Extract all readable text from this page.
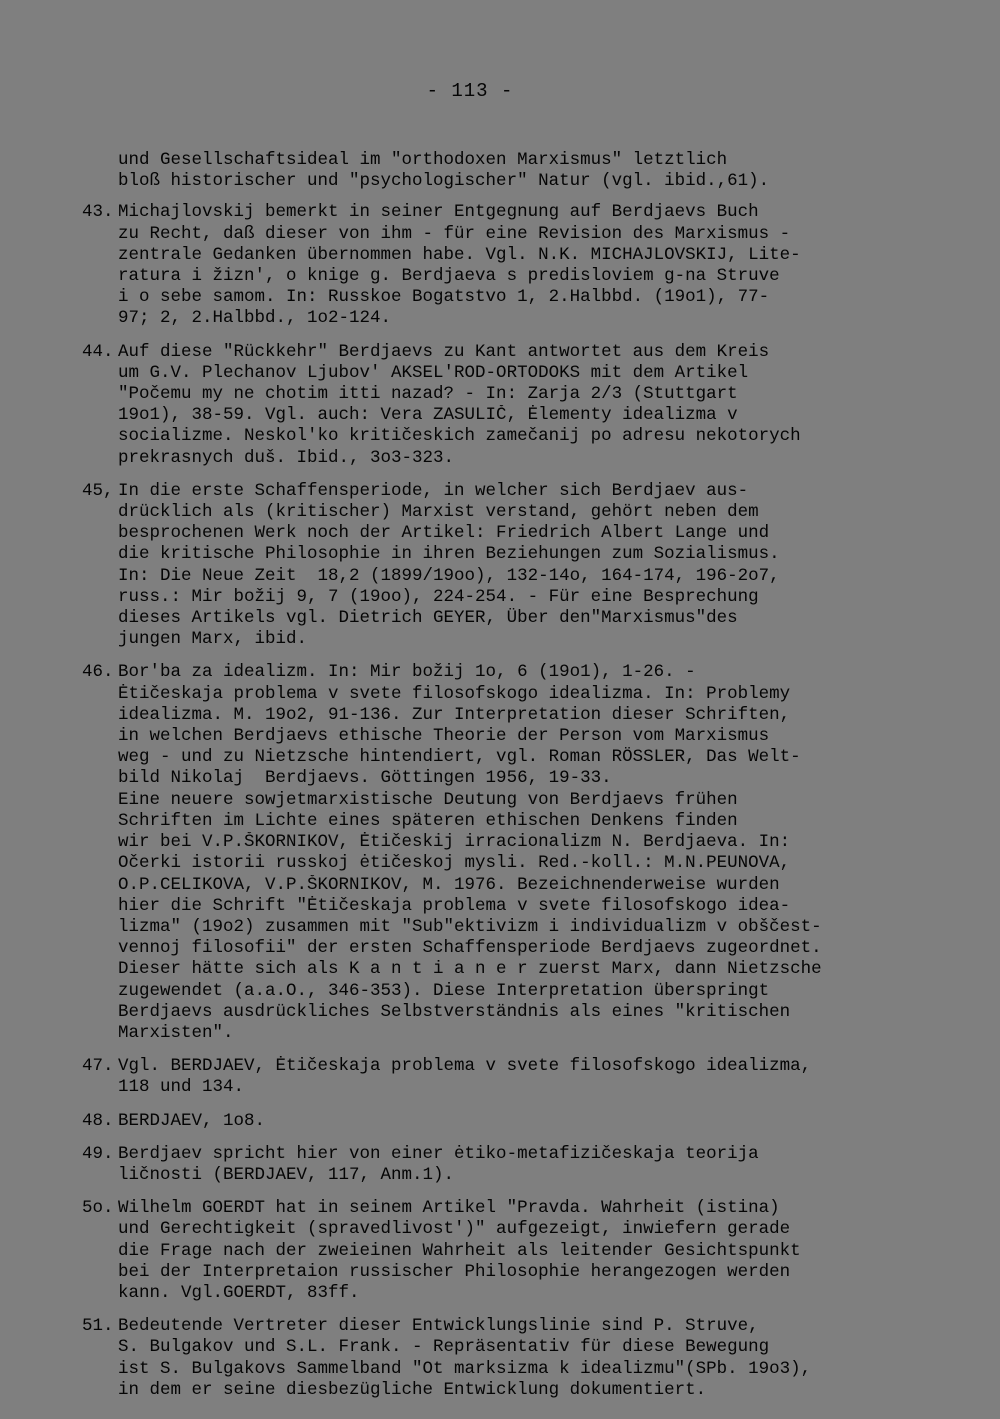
- 113 -
und Gesellschaftsideal im "orthodoxen Marxismus" letztlich
bloß historischer und "psychologischer" Natur (vgl. ibid.,61).
43. Michajlovskij bemerkt in seiner Entgegnung auf Berdjaevs Buch
zu Recht, daß dieser von ihm - für eine Revision des Marxismus -
zentrale Gedanken übernommen habe. Vgl. N.K. MICHAJLOVSKIJ, Lite-
ratura i žizn', o knige g. Berdjaeva s predisloviem g-na Struve
i o sebe samom. In: Russkoe Bogatstvo 1, 2.Halbbd. (19o1), 77-
97; 2, 2.Halbbd., 1o2-124.
44. Auf diese "Rückkehr" Berdjaevs zu Kant antwortet aus dem Kreis
um G.V. Plechanov Ljubov' AKSEL'ROD-ORTODOKS mit dem Artikel
"Počemu my ne chotim itti nazad? - In: Zarja 2/3 (Stuttgart
19o1), 38-59. Vgl. auch: Vera ZASULIČ, Ėlementy idealizma v
socializme. Neskol'ko kritičeskich zamečanij po adresu nekotorych
prekrasnych duš. Ibid., 3o3-323.
45, In die erste Schaffensperiode, in welcher sich Berdjaev aus-
drücklich als (kritischer) Marxist verstand, gehört neben dem
besprochenen Werk noch der Artikel: Friedrich Albert Lange und
die kritische Philosophie in ihren Beziehungen zum Sozialismus.
In: Die Neue Zeit  18,2 (1899/19oo), 132-14o, 164-174, 196-2o7,
russ.: Mir božij 9, 7 (19oo), 224-254. - Für eine Besprechung
dieses Artikels vgl. Dietrich GEYER, Über den"Marxismus"des
jungen Marx, ibid.
46. Bor'ba za idealizm. In: Mir božij 1o, 6 (19o1), 1-26. -
Ėtičeskaja problema v svete filosofskogo idealizma. In: Problemy
idealizma. M. 19o2, 91-136. Zur Interpretation dieser Schriften,
in welchen Berdjaevs ethische Theorie der Person vom Marxismus
weg - und zu Nietzsche hintendiert, vgl. Roman RÖSSLER, Das Welt-
bild Nikolaj  Berdjaevs. Göttingen 1956, 19-33.
Eine neuere sowjetmarxistische Deutung von Berdjaevs frühen
Schriften im Lichte eines späteren ethischen Denkens finden
wir bei V.P.ŠKORNIKOV, Ėtičeskij irracionalizm N. Berdjaeva. In:
Očerki istorii russkoj ėtičeskoj mysli. Red.-koll.: M.N.PEUNOVA,
O.P.CELIKOVA, V.P.ŠKORNIKOV, M. 1976. Bezeichnenderweise wurden
hier die Schrift "Ėtičeskaja problema v svete filosofskogo idea-
lizma" (19o2) zusammen mit "Sub"ektivizm i individualizm v obščest-
vennoj filosofii" der ersten Schaffensperiode Berdjaevs zugeordnet.
Dieser hätte sich als K a n t i a n e r zuerst Marx, dann Nietzsche
zugewendet (a.a.O., 346-353). Diese Interpretation überspringt
Berdjaevs ausdrückliches Selbstverständnis als eines "kritischen
Marxisten".
47. Vgl. BERDJAEV, Ėtičeskaja problema v svete filosofskogo idealizma,
118 und 134.
48. BERDJAEV, 1o8.
49. Berdjaev spricht hier von einer ėtiko-metafizičeskaja teorija
ličnosti (BERDJAEV, 117, Anm.1).
5o. Wilhelm GOERDT hat in seinem Artikel "Pravda. Wahrheit (istina)
und Gerechtigkeit (spravedlivost')" aufgezeigt, inwiefern gerade
die Frage nach der zweieinen Wahrheit als leitender Gesichtspunkt
bei der Interpretaion russischer Philosophie herangezogen werden
kann. Vgl.GOERDT, 83ff.
51. Bedeutende Vertreter dieser Entwicklungslinie sind P. Struve,
S. Bulgakov und S.L. Frank. - Repräsentativ für diese Bewegung
ist S. Bulgakovs Sammelband "Ot marksizma k idealizmu"(SPb. 19o3),
in dem er seine diesbezügliche Entwicklung dokumentiert.
